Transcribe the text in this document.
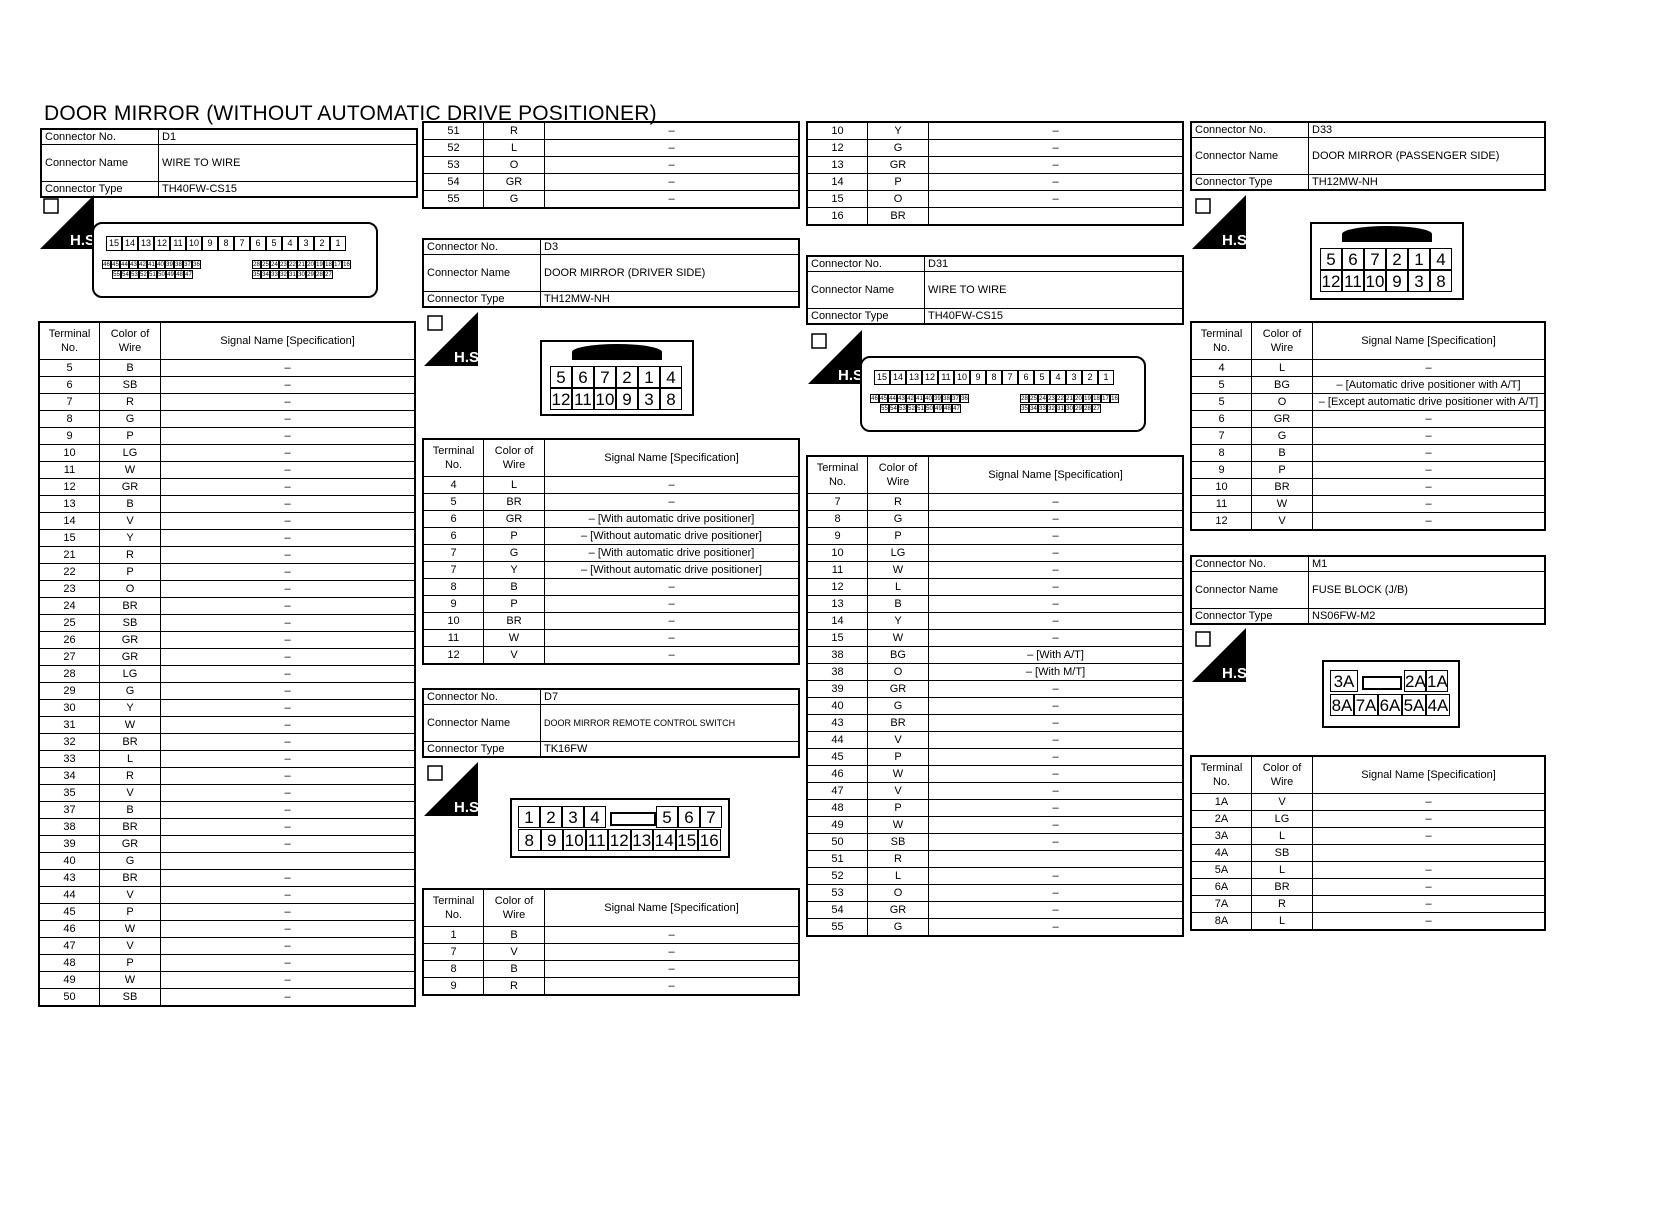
DOOR MIRROR (WITHOUT AUTOMATIC DRIVE POSITIONER)
Connector No.	D1
Connector Name	WIRE TO WIRE
Connector Type	TH40FW-CS15
H.S.	15 14 13 12 11 10 9	8	7	6	5	4	3	2	1
46 45 44 43 42 41 40 39 38 37 36
55 54 53 52 51 50 49 48 47
28 25 24 23 22 21 20 19 18 17 16
35 34 33 32 31 30 29 28 27
Terminal No.	Color of Wire	Signal Name [Specification]
5	B	–
6	SB	–
7	R	–
8	G	–
9	P	–
10	LG	–
11	W	–
12	GR	–
13	B	–
14	V	–
15	Y	–
21	R	–
22	P	–
23	O	–
24	BR	–
25	SB	–
26	GR	–
27	GR	–
28	LG	–
29	G	–
30	Y	–
31	W	–
32	BR	–
33	L	–
34	R	–
35	V	–
37	B	–
38	BR	–
39	GR	–
40	G	
43	BR	–
44	V	–
45	P	–
46	W	–
47	V	–
48	P	–
49	W	–
50	SB	–
51	R	–
52	L	–
53	O	–
54	GR	–
55	G	–
Connector No.	D3
Connector Name	DOOR MIRROR (DRIVER SIDE)
Connector Type	TH12MW-NH
H.S.
5 6 7 2 1 4
12 11 10 9 3 8
Terminal No.	Color of Wire	Signal Name [Specification]
4	L	–
5	BR	–
6	GR	– [With automatic drive positioner]
6	P	– [Without automatic drive positioner]
7	G	– [With automatic drive positioner]
7	Y	– [Without automatic drive positioner]
8	B	–
9	P	–
10	BR	–
11	W	–
12	V	–
Connector No.	D7
Connector Name	DOOR MIRROR REMOTE CONTROL SWITCH
Connector Type	TK16FW
H.S.
1 2 3 4	5 6 7
8 9 10 11 12 13 14 15 16
Terminal No.	Color of Wire	Signal Name [Specification]
1	B	–
7	V	–
8	B	–
9	R	–
10	Y	–
12	G	–
13	GR	–
14	P	–
15	O	–
16	BR	
Connector No.	D31
Connector Name	WIRE TO WIRE
Connector Type	TH40FW-CS15
H.S.	15 14 13 12 11 10 9	8	7	6	5	4	3	2	1
46 45 44 43 42 41 40 39 38 37 36
55 54 53 52 51 50 49 48 47
28 25 24 23 22 21 20 19 18 17 16
35 34 33 32 31 30 29 28 27
Terminal No.	Color of Wire	Signal Name [Specification]
7	R	–
8	G	–
9	P	–
10	LG	–
11	W	–
12	L	–
13	B	–
14	Y	–
15	W	–
38	BG	– [With A/T]
38	O	– [With M/T]
39	GR	–
40	G	–
43	BR	–
44	V	–
45	P	–
46	W	–
47	V	–
48	P	–
49	W	–
50	SB	–
51	R	
52	L	–
53	O	–
54	GR	–
55	G	–
Connector No.	D33
Connector Name	DOOR MIRROR (PASSENGER SIDE)
Connector Type	TH12MW-NH
H.S.
5 6 7 2 1 4
12 11 10 9 3 8
Terminal No.	Color of Wire	Signal Name [Specification]
4	L	–
5	BG	– [Automatic drive positioner with A/T]
5	O	– [Except automatic drive positioner with A/T]
6	GR	–
7	G	–
8	B	–
9	P	–
10	BR	–
11	W	–
12	V	–
Connector No.	M1
Connector Name	FUSE BLOCK (J/B)
Connector Type	NS06FW-M2
H.S.	3A	2A 1A
8A 7A 6A 5A 4A
Terminal No.	Color of Wire	Signal Name [Specification]
1A	V	–
2A	LG	–
3A	L	–
4A	SB	
5A	L	–
6A	BR	–
7A	R	–
8A	L	–
